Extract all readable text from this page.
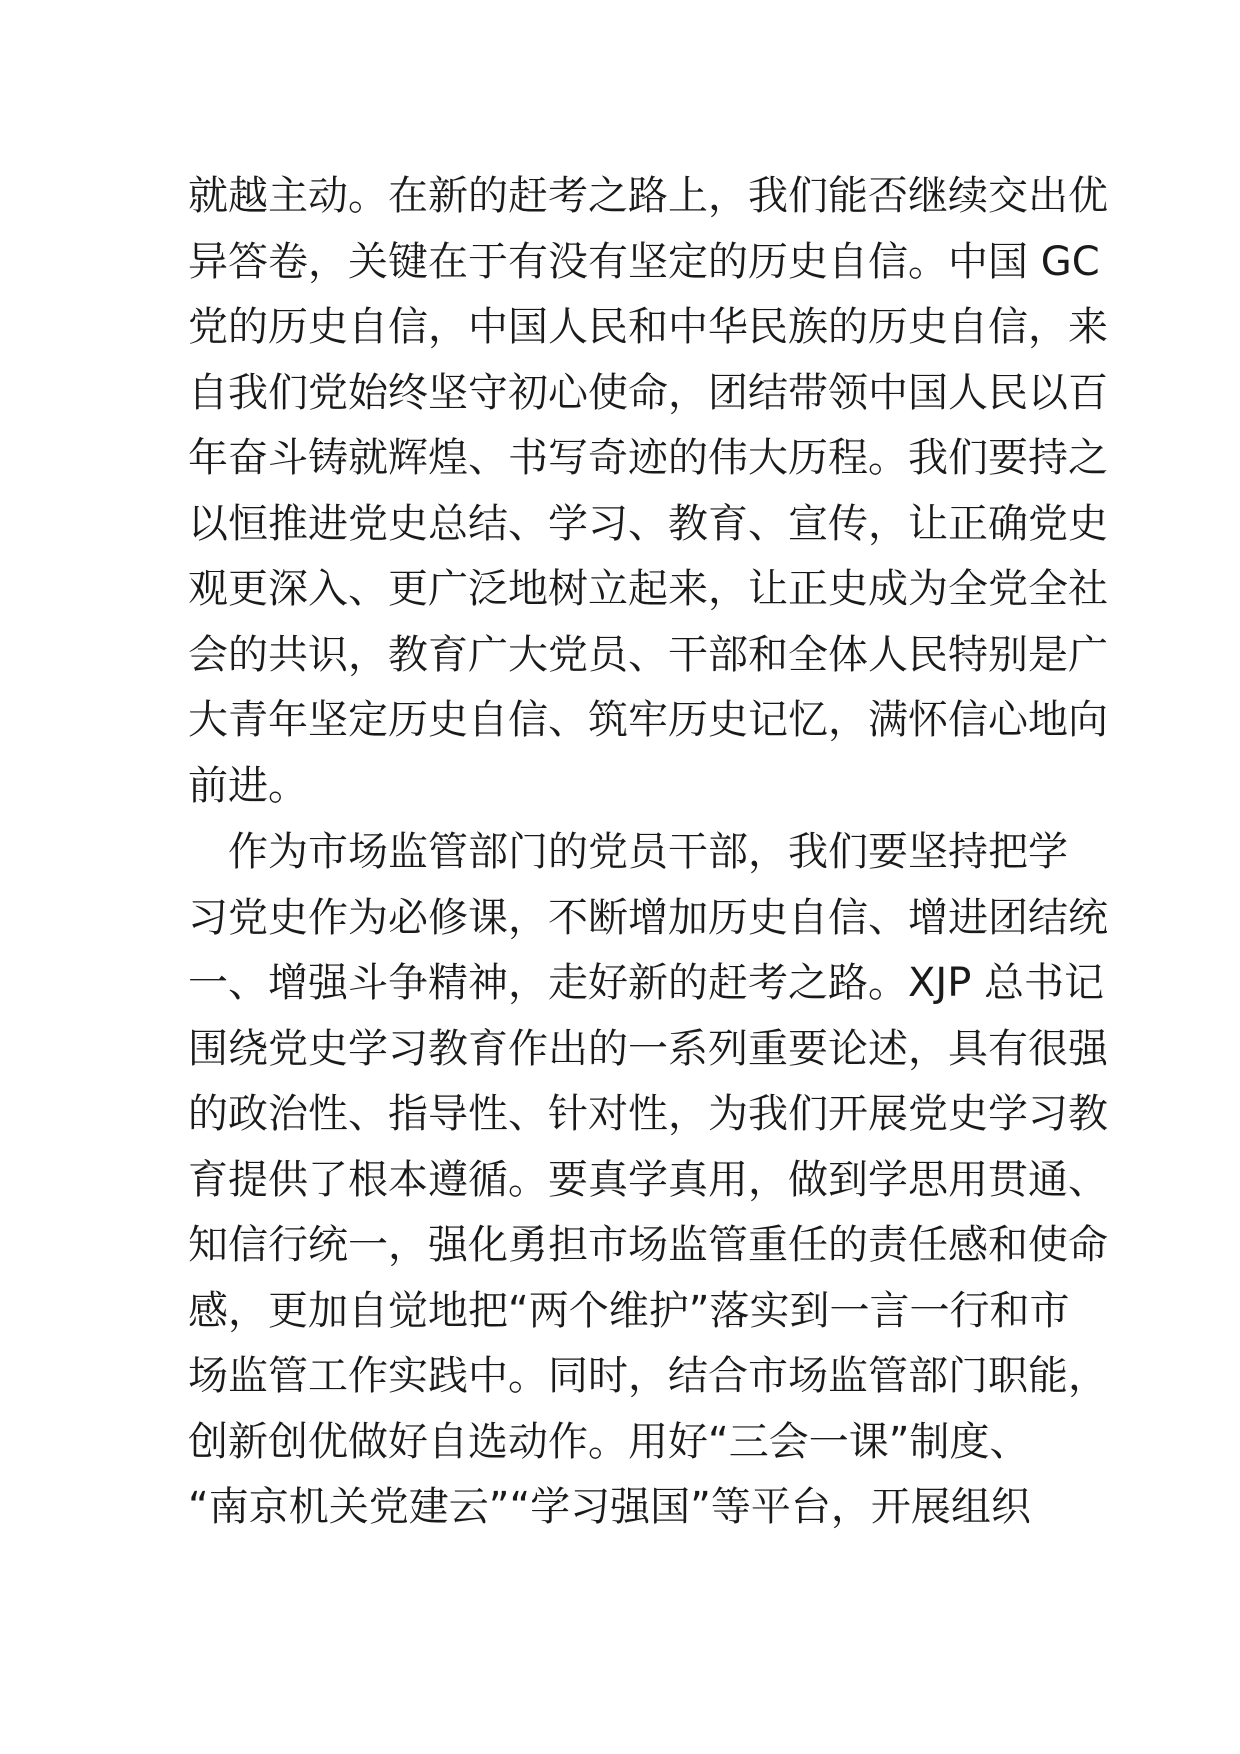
就越主动。在新的赶考之路上，我们能否继续交出优
异答卷，关键在于有没有坚定的历史自信。中国 GC
党的历史自信，中国人民和中华民族的历史自信，来
自我们党始终坚守初心使命，团结带领中国人民以百
年奋斗铸就辉煌、书写奇迹的伟大历程。我们要持之
以恒推进党史总结、学习、教育、宣传，让正确党史
观更深入、更广泛地树立起来，让正史成为全党全社
会的共识，教育广大党员、干部和全体人民特别是广
大青年坚定历史自信、筑牢历史记忆，满怀信心地向
前进。
　作为市场监管部门的党员干部，我们要坚持把学
习党史作为必修课，不断增加历史自信、增进团结统
一、增强斗争精神，走好新的赶考之路。XJP 总书记
围绕党史学习教育作出的一系列重要论述，具有很强
的政治性、指导性、针对性，为我们开展党史学习教
育提供了根本遵循。要真学真用，做到学思用贯通、
知信行统一，强化勇担市场监管重任的责任感和使命
感，更加自觉地把“两个维护”落实到一言一行和市
场监管工作实践中。同时，结合市场监管部门职能，
创新创优做好自选动作。用好“三会一课”制度、
“南京机关党建云”“学习强国”等平台，开展组织
